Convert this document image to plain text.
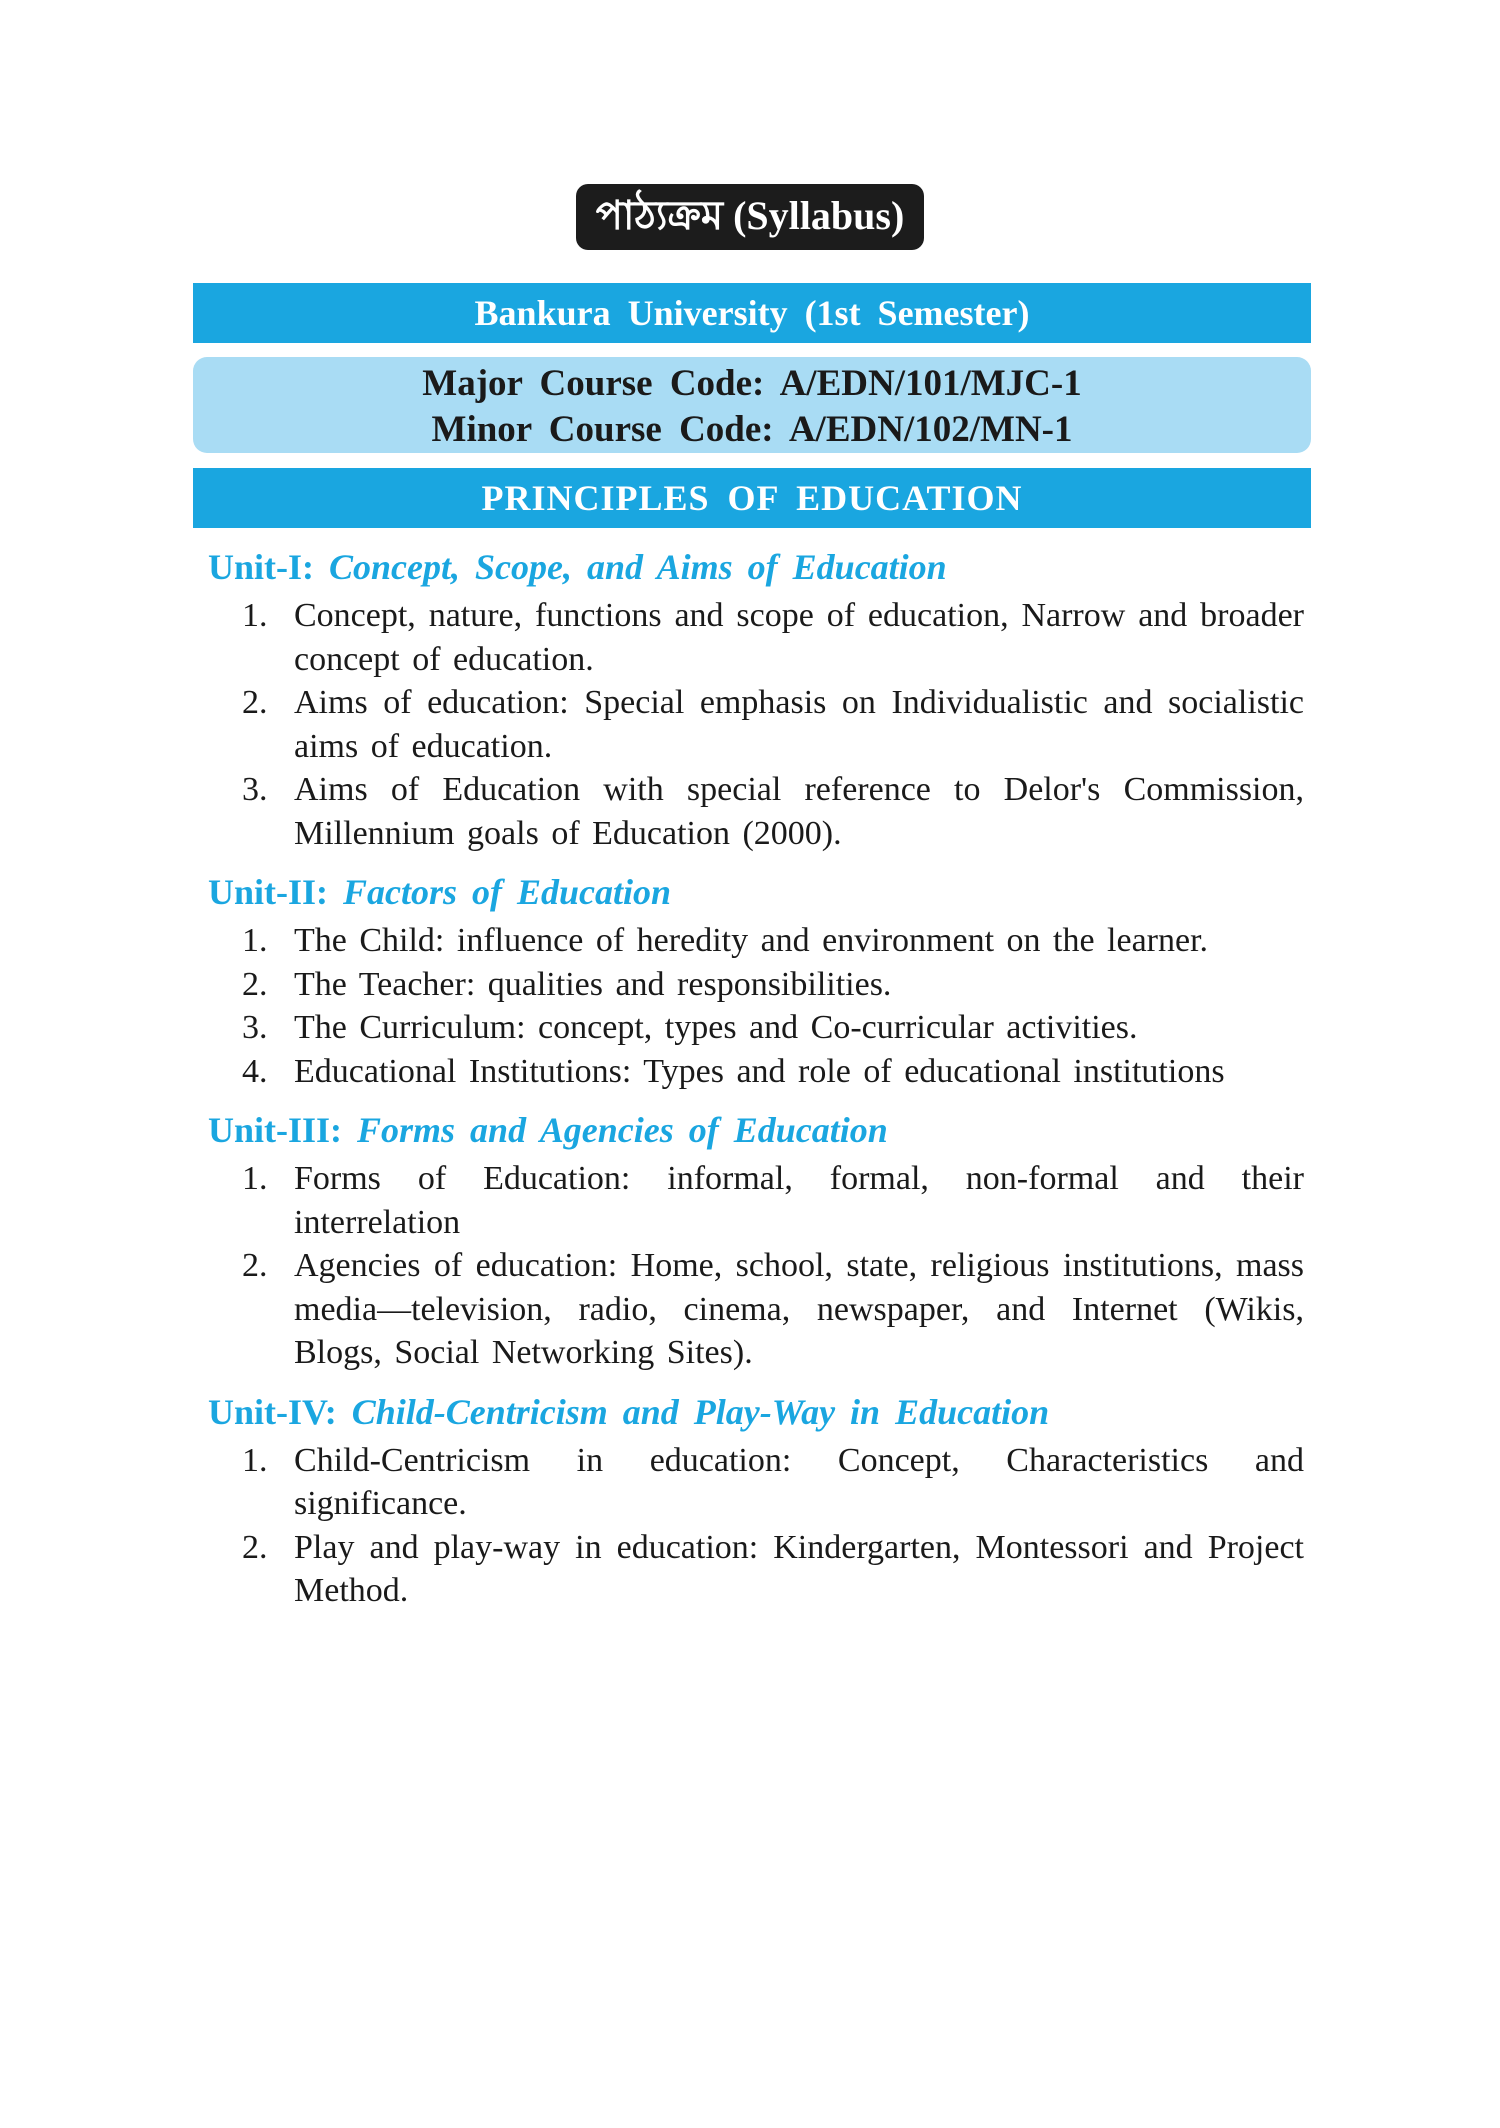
পাঠ্যক্রম (Syllabus)
Bankura University (1st Semester)
Major Course Code: A/EDN/101/MJC-1
Minor Course Code: A/EDN/102/MN-1
PRINCIPLES OF EDUCATION
Unit-I: Concept, Scope, and Aims of Education
1. Concept, nature, functions and scope of education, Narrow and broader concept of education.
2. Aims of education: Special emphasis on Individualistic and socialistic aims of education.
3. Aims of Education with special reference to Delor's Commission, Millennium goals of Education (2000).
Unit-II: Factors of Education
1. The Child: influence of heredity and environment on the learner.
2. The Teacher: qualities and responsibilities.
3. The Curriculum: concept, types and Co-curricular activities.
4. Educational Institutions: Types and role of educational institutions
Unit-III: Forms and Agencies of Education
1. Forms of Education: informal, formal, non-formal and their interrelation
2. Agencies of education: Home, school, state, religious institutions, mass media—television, radio, cinema, newspaper, and Internet (Wikis, Blogs, Social Networking Sites).
Unit-IV: Child-Centricism and Play-Way in Education
1. Child-Centricism in education: Concept, Characteristics and significance.
2. Play and play-way in education: Kindergarten, Montessori and Project Method.
